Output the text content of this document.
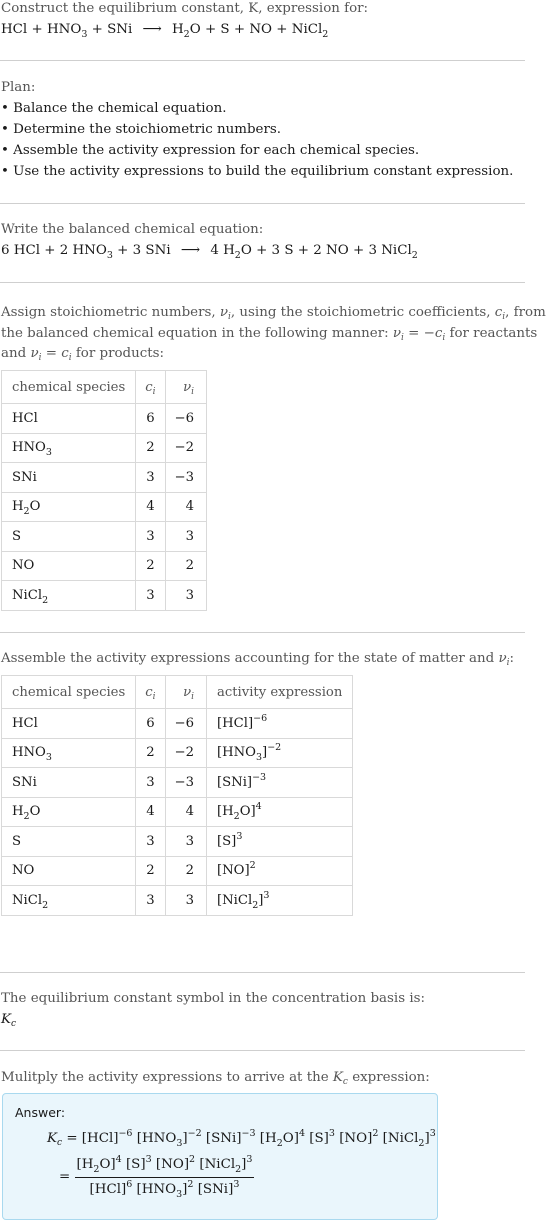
Construct the equilibrium constant, K, expression for:
HCl + $HNO_3$ + SNi ⟶ $H_2O + S$ + NO + NiCl$_2$
Plan:
• Balance the chemical equation.
• Determine the stoichiometric numbers.
• Assemble the activity expression for each chemical species.
• Use the activity expressions to build the equilibrium constant expression.
Write the balanced chemical equation:
6 HCl + 2 $HNO_3 + 3$ SNi ⟶ 4 $H_2O + 3$ S + 2 NO + 3 NiCl$_2$
Assign stoichiometric numbers, $\nu_i$, using the stoichiometric coefficients, $c_i$, from
the balanced chemical equation in the following manner: $\nu_i = -c_i$ for reactants
and $\nu_i = c_i$ for products:
chemical species	$c_i$	$\nu_i$
HCl	6	−6
$HNO_3$	2	−2
SNi	3	−3
$H_2O$	4	4
S	3	3
NO	2	2
NiCl$_2$	3	3
Assemble the activity expressions accounting for the state of matter and $\nu_i$:
chemical species	$c_i$	$\nu_i$	activity expression
HCl	6	−6	[HCl]$^{-6}$
$HNO_3$	2	−2	$[HNO_3]^{-2}$
SNi	3	−3	[SNi]$^{-3}$
$H_2O$	4	4	$[H_2O]^4$
S	3	3	$[S]^3$
NO	2	2	[NO]$^2$
NiCl$_2$	3	3	[NiCl$_2$]$^3$
The equilibrium constant symbol in the concentration basis is:
$K_c$
Mulitply the activity expressions to arrive at the $K_c$ expression:
Answer:
$K_c = [HCl]^{-6}$ $[HNO_3]^{-2}$ [SNi]$^{-3}$ $[H_2O]^4$ $[S]^3$ [NO]$^2$ [NiCl$_2$]$^3$
= $\frac{[H_2O]^4 [S]^3 [NO]^2 [NiCl_2]^3}{[HCl]^6 [HNO_3]^2 [SNi]^3}$
